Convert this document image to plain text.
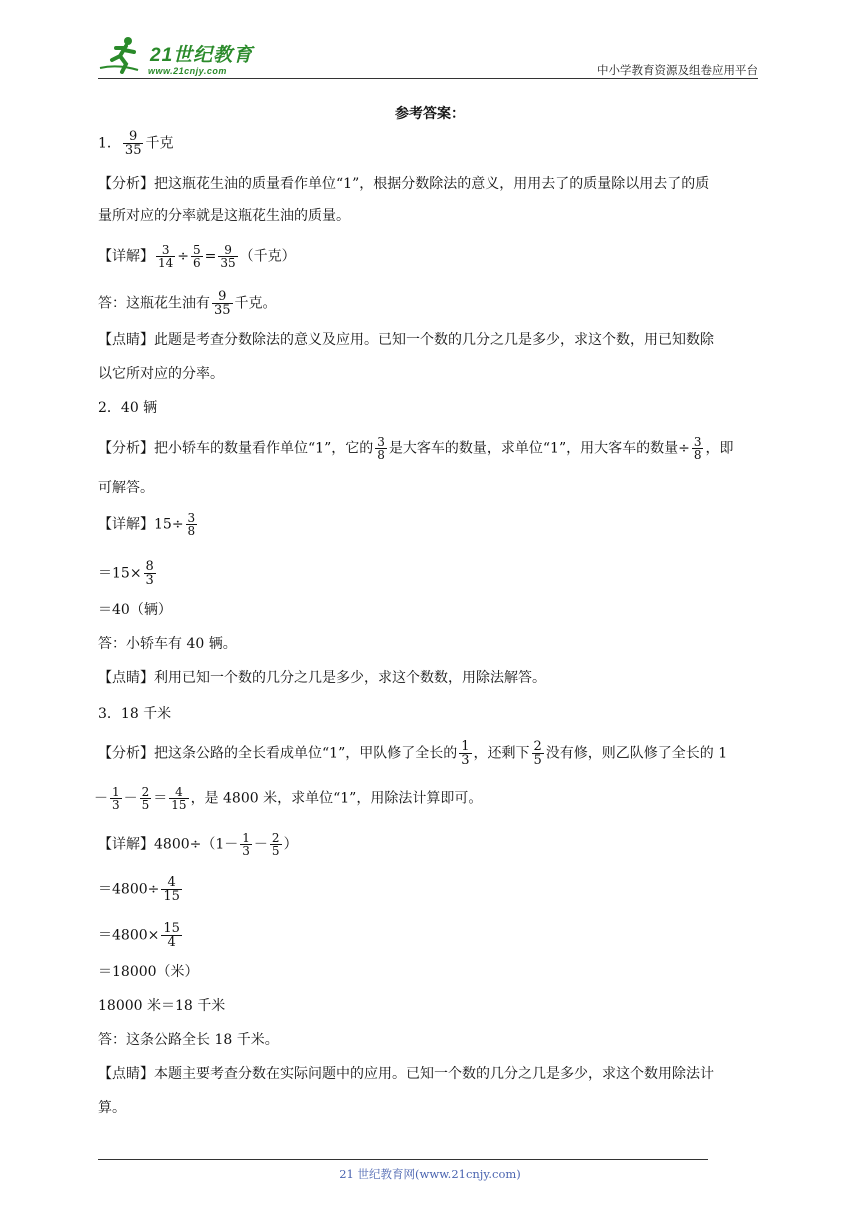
21世纪教育
www.21cnjy.com	中小学教育资源及组卷应用平台
参考答案：
1． $\frac{9}{35}$ 千克
【分析】把这瓶花生油的质量看作单位“1”，根据分数除法的意义，用用去了的质量除以用去了的质
量所对应的分率就是这瓶花生油的质量。
【详解】 $\frac{3}{14} \div \frac{5}{6} = \frac{9}{35}$ （千克）
答：这瓶花生油有 $\frac{9}{35}$ 千克。
【点睛】此题是考查分数除法的意义及应用。已知一个数的几分之几是多少，求这个数，用已知数除
以它所对应的分率。
2．40 辆
【分析】把小轿车的数量看作单位“1”，它的 $\frac{3}{8}$ 是大客车的数量，求单位“1”，用大客车的数量÷ $\frac{3}{8}$ ，即
可解答。
【详解】$15\div \frac{3}{8}$
$=15\times \frac{8}{3}$
＝40（辆）
答：小轿车有 40 辆。
【点睛】利用已知一个数的几分之几是多少，求这个数数，用除法解答。
3．18 千米
【分析】把这条公路的全长看成单位“1”，甲队修了全长的 $\frac{1}{3}$ ，还剩下 $\frac{2}{5}$ 没有修，则乙队修了全长的 1
－ $\frac{1}{3} - \frac{2}{5} = \frac{4}{15}$ ，是 4800 米，求单位“1”，用除法计算即可。
【详解】$4800\div(1- \frac{1}{3} - \frac{2}{5}$ ）
$=4800\div \frac{4}{15}$
$=4800\times \frac{15}{4}$
＝18000（米）
18000 米＝18 千米
答：这条公路全长 18 千米。
【点睛】本题主要考查分数在实际问题中的应用。已知一个数的几分之几是多少，求这个数用除法计
算。
21 世纪教育网(www.21cnjy.com)
